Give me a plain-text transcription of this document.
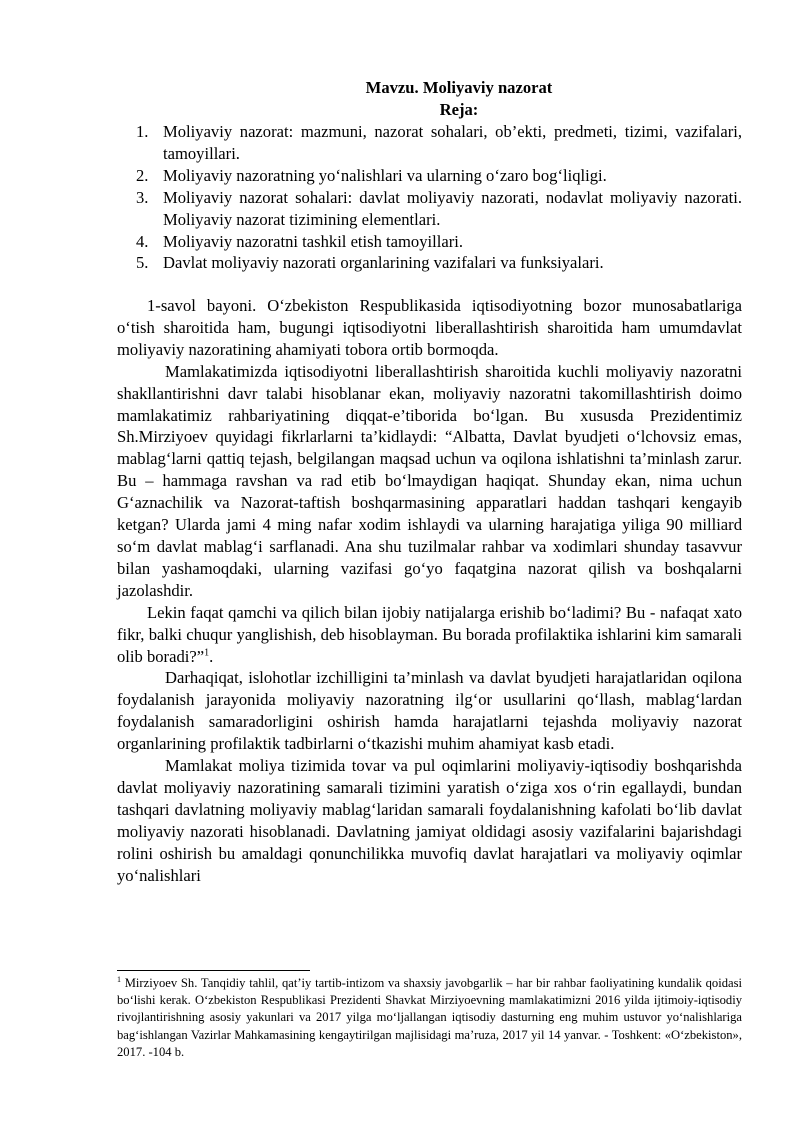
Mavzu. Moliyaviy nazorat
Reja:
1. Moliyaviy nazorat: mazmuni, nazorat sohalari, ob’ekti, predmeti, tizimi, vazifalari, tamoyillari.
2. Moliyaviy nazoratning yo‘nalishlari va ularning o‘zaro bog‘liqligi.
3. Moliyaviy nazorat sohalari: davlat moliyaviy nazorati, nodavlat moliyaviy nazorati. Moliyaviy nazorat tizimining elementlari.
4. Moliyaviy nazoratni tashkil etish tamoyillari.
5. Davlat moliyaviy nazorati organlarining vazifalari va funksiyalari.

1-savol bayoni. O‘zbekiston Respublikasida iqtisodiyotning bozor munosabatlariga o‘tish sharoitida ham, bugungi iqtisodiyotni liberallashtirish sharoitida ham umumdavlat moliyaviy nazoratining ahamiyati tobora ortib bormoqda.

Mamlakatimizda iqtisodiyotni liberallashtirish sharoitida kuchli moliyaviy nazoratni shakllantirishni davr talabi hisoblanar ekan, moliyaviy nazoratni takomillashtirish doimo mamlakatimiz rahbariyatining diqqat-e’tiborida bo‘lgan. Bu xususda Prezidentimiz Sh.Mirziyoev quyidagi fikrlarlarni ta’kidlaydi: “Albatta, Davlat byudjeti o‘lchovsiz emas, mablag‘larni qattiq tejash, belgilangan maqsad uchun va oqilona ishlatishni ta’minlash zarur. Bu – hammaga ravshan va rad etib bo‘lmaydigan haqiqat. Shunday ekan, nima uchun G‘aznachilik va Nazorat-taftish boshqarmasining apparatlari haddan tashqari kengayib ketgan? Ularda jami 4 ming nafar xodim ishlaydi va ularning harajatiga yiliga 90 milliard so‘m davlat mablag‘i sarflanadi. Ana shu tuzilmalar rahbar va xodimlari shunday tasavvur bilan yashamoqdaki, ularning vazifasi go‘yo faqatgina nazorat qilish va boshqalarni jazolashdir.

Lekin faqat qamchi va qilich bilan ijobiy natijalarga erishib bo‘ladimi? Bu - nafaqat xato fikr, balki chuqur yanglishish, deb hisoblayman. Bu borada profilaktika ishlarini kim samarali olib boradi?”$^1$.

Darhaqiqat, islohotlar izchilligini ta’minlash va davlat byudjeti harajatlaridan oqilona foydalanish jarayonida moliyaviy nazoratning ilg‘or usullarini qo‘llash, mablag‘lardan foydalanish samaradorligini oshirish hamda harajatlarni tejashda moliyaviy nazorat organlarining profilaktik tadbirlarni o‘tkazishi muhim ahamiyat kasb etadi.

Mamlakat moliya tizimida tovar va pul oqimlarini moliyaviy-iqtisodiy boshqarishda davlat moliyaviy nazoratining samarali tizimini yaratish o‘ziga xos o‘rin egallaydi, bundan tashqari davlatning moliyaviy mablag‘laridan samarali foydalanishning kafolati bo‘lib davlat moliyaviy nazorati hisoblanadi. Davlatning jamiyat oldidagi asosiy vazifalarini bajarishdagi rolini oshirish bu amaldagi qonunchilikka muvofiq davlat harajatlari va moliyaviy oqimlar yo‘nalishlari

$^1$ Mirziyoev Sh. Tanqidiy tahlil, qat’iy tartib-intizom va shaxsiy javobgarlik – har bir rahbar faoliyatining kundalik qoidasi bo‘lishi kerak. O‘zbekiston Respublikasi Prezidenti Shavkat Mirziyoevning mamlakatimizni 2016 yilda ijtimoiy-iqtisodiy rivojlantirishning asosiy yakunlari va 2017 yilga mo‘ljallangan iqtisodiy dasturning eng muhim ustuvor yo‘nalishlariga bag‘ishlangan Vazirlar Mahkamasining kengaytirilgan majlisidagi ma’ruza, 2017 yil 14 yanvar. - Toshkent: «O‘zbekiston», 2017. -104 b.
